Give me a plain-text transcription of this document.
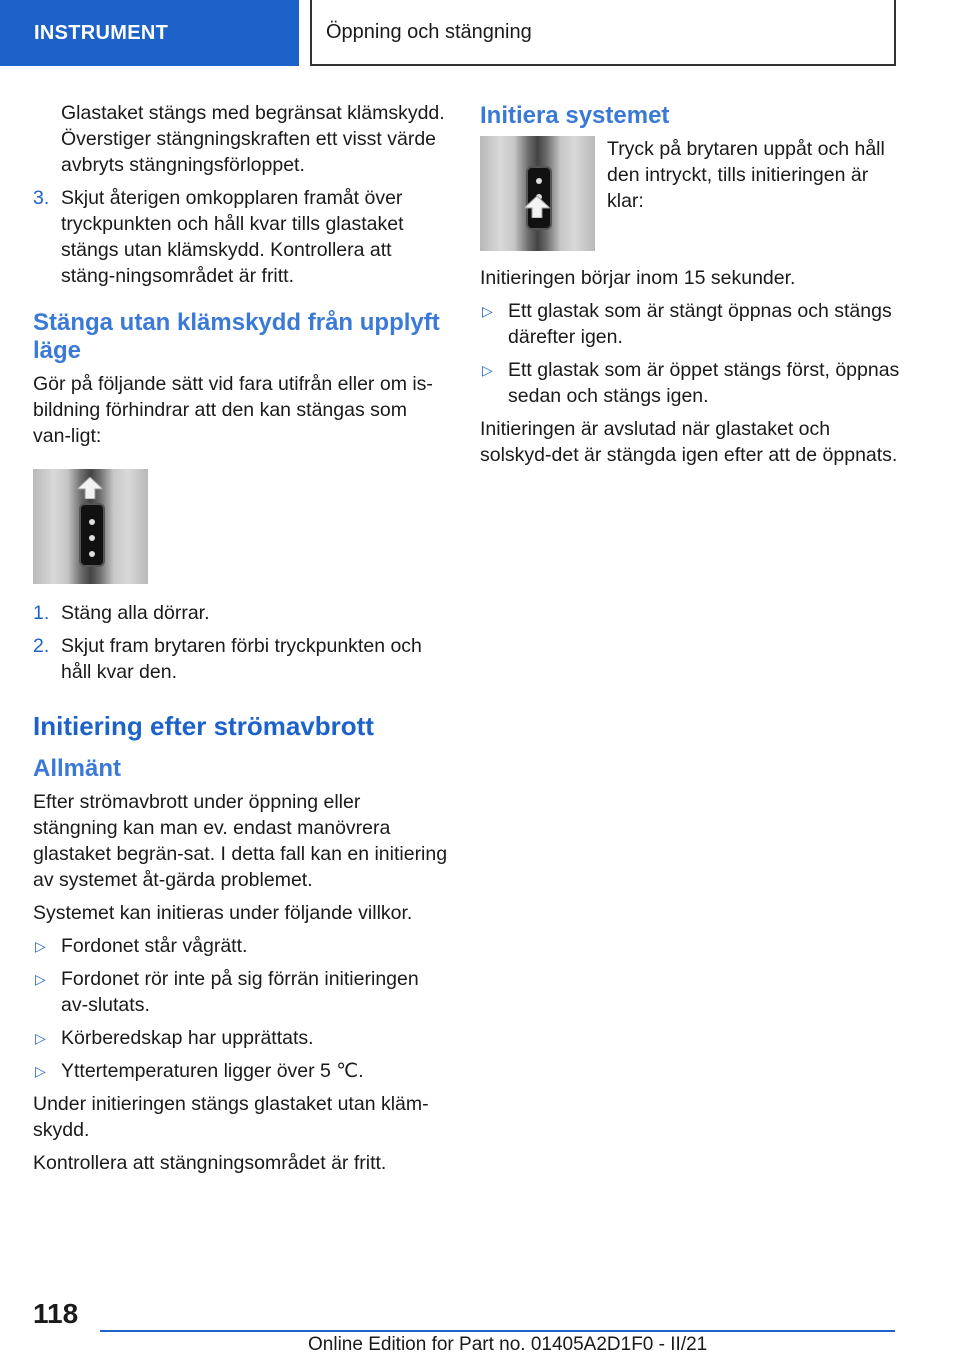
INSTRUMENT	Öppning och stängning

Glastaket stängs med begränsat klämskydd. Överstiger stängningskraften ett visst värde avbryts stängningsförloppet.

3. Skjut återigen omkopplaren framåt över tryckpunkten och håll kvar tills glastaket stängs utan klämskydd. Kontrollera att stäng-ningsområdet är fritt.
Stänga utan klämskydd från upplyft läge

Gör på följande sätt vid fara utifrån eller om is-bildning förhindrar att den kan stängas som van-ligt:

1. Stäng alla dörrar.
2. Skjut fram brytaren förbi tryckpunkten och håll kvar den.
Initiering efter strömavbrott
Allmänt

Efter strömavbrott under öppning eller stängning kan man ev. endast manövrera glastaket begrän-sat. I detta fall kan en initiering av systemet åt-gärda problemet.

Systemet kan initieras under följande villkor.

▷ Fordonet står vågrätt.
▷ Fordonet rör inte på sig förrän initieringen av-slutats.
▷ Körberedskap har upprättats.
▷ Yttertemperaturen ligger över 5 ℃.

Under initieringen stängs glastaket utan kläm-skydd.

Kontrollera att stängningsområdet är fritt.

Initiera systemet
Tryck på brytaren uppåt och håll den intryckt, tills initieringen är klar:

Initieringen börjar inom 15 sekunder.

▷ Ett glastak som är stängt öppnas och stängs därefter igen.
▷ Ett glastak som är öppet stängs först, öppnas sedan och stängs igen.

Initieringen är avslutad när glastaket och solskyd-det är stängda igen efter att de öppnats.

118
Online Edition for Part no. 01405A2D1F0 - II/21
